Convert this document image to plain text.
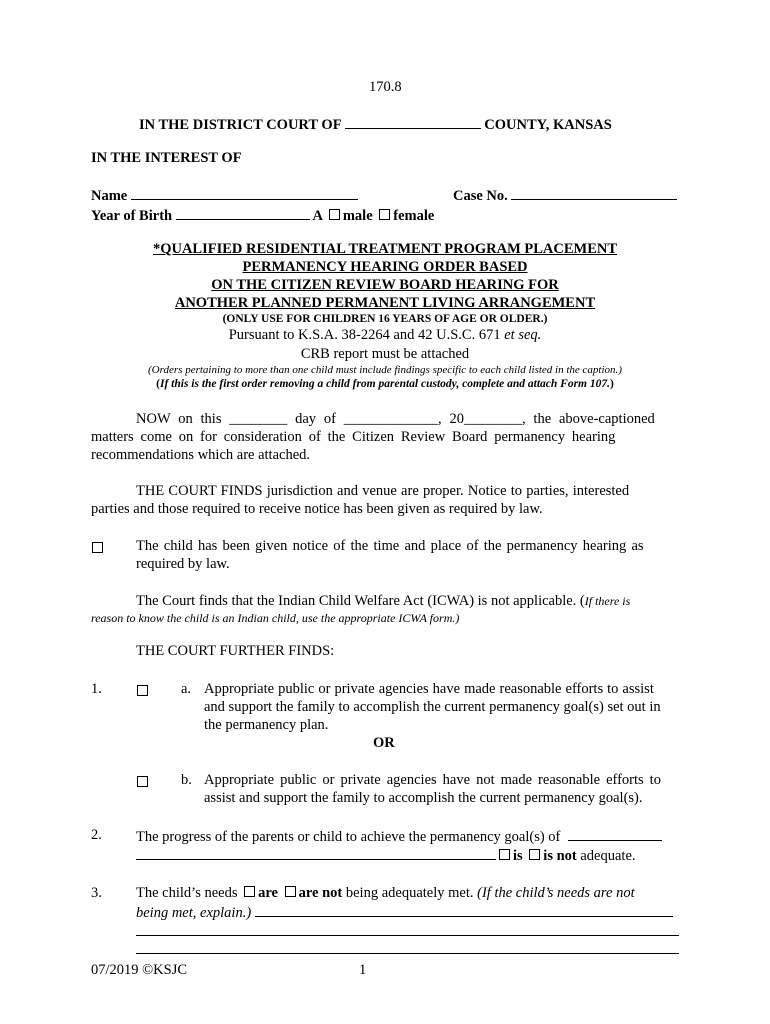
170.8
IN THE DISTRICT COURT OF	COUNTY, KANSAS
IN THE INTEREST OF
Name	Case No.
Year of Birth	A male female
*QUALIFIED RESIDENTIAL TREATMENT PROGRAM PLACEMENT
PERMANENCY HEARING ORDER BASED
ON THE CITIZEN REVIEW BOARD HEARING FOR
ANOTHER PLANNED PERMANENT LIVING ARRANGEMENT
(ONLY USE FOR CHILDREN 16 YEARS OF AGE OR OLDER.)
Pursuant to K.S.A. 38-2264 and 42 U.S.C. 671 et seq.
CRB report must be attached
(Orders pertaining to more than one child must include findings specific to each child listed in the caption.)
(If this is the first order removing a child from parental custody, complete and attach Form 107.)
NOW on this ________ day of _____________, 20________, the above-captioned
matters come on for consideration of the Citizen Review Board permanency hearing
recommendations which are attached.
THE COURT FINDS jurisdiction and venue are proper. Notice to parties, interested
parties and those required to receive notice has been given as required by law.
The child has been given notice of the time and place of the permanency hearing as
required by law.
The Court finds that the Indian Child Welfare Act (ICWA) is not applicable. (If there is
reason to know the child is an Indian child, use the appropriate ICWA form.)
THE COURT FURTHER FINDS:
1.	a. Appropriate public or private agencies have made reasonable efforts to assist
and support the family to accomplish the current permanency goal(s) set out in
the permanency plan.
OR
b. Appropriate public or private agencies have not made reasonable efforts to
assist and support the family to accomplish the current permanency goal(s).
2. The progress of the parents or child to achieve the permanency goal(s) of
is is not adequate.
3. The child’s needs are are not being adequately met. (If the child’s needs are not
being met, explain.)
07/2019 ©KSJC	1
